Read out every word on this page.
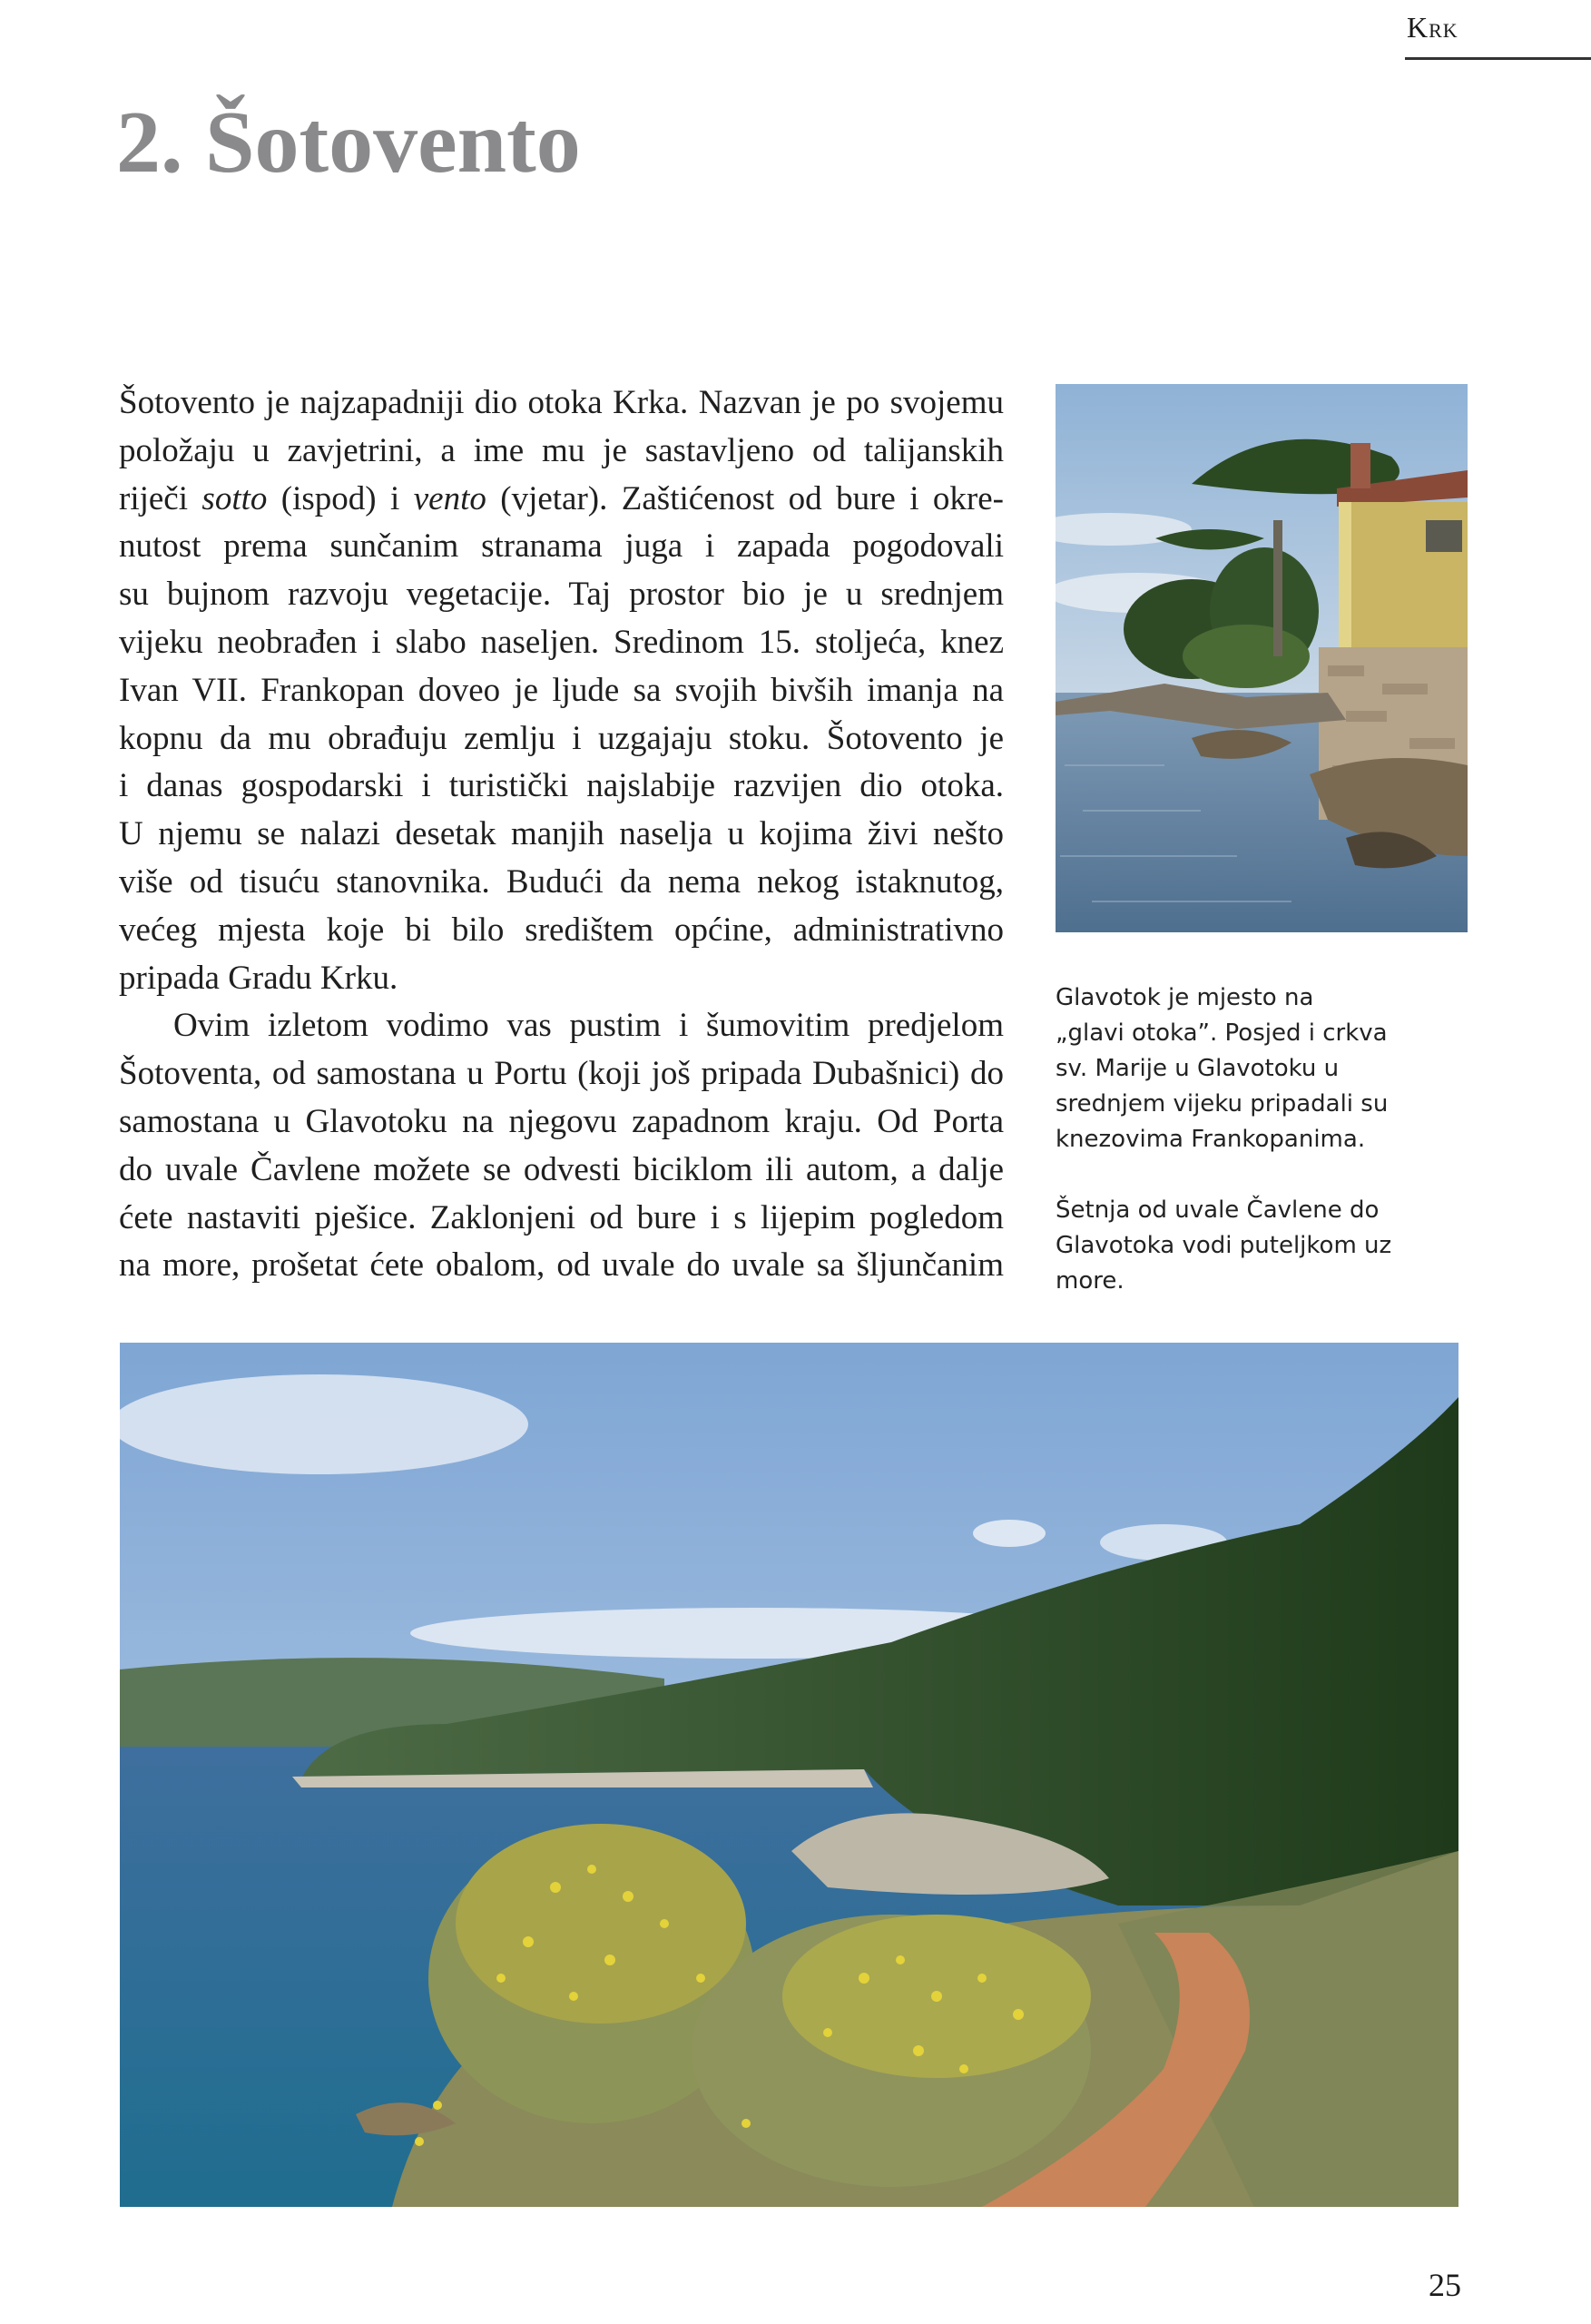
Krk
2. Šotovento
Šotovento je najzapadniji dio otoka Krka. Nazvan je po svojemu
položaju u zavjetrini, a ime mu je sastavljeno od talijanskih
riječi sotto (ispod) i vento (vjetar). Zaštićenost od bure i okre-
nutost prema sunčanim stranama juga i zapada pogodovali
su bujnom razvoju vegetacije. Taj prostor bio je u srednjem
vijeku neobrađen i slabo naseljen. Sredinom 15. stoljeća, knez
Ivan VII. Frankopan doveo je ljude sa svojih bivših imanja na
kopnu da mu obrađuju zemlju i uzgajaju stoku. Šotovento je
i danas gospodarski i turistički najslabije razvijen dio otoka.
U njemu se nalazi desetak manjih naselja u kojima živi nešto
više od tisuću stanovnika. Budući da nema nekog istaknutog,
većeg mjesta koje bi bilo središtem općine, administrativno
pripada Gradu Krku.
Ovim izletom vodimo vas pustim i šumovitim predjelom
Šotoventa, od samostana u Portu (koji još pripada Dubašnici) do
samostana u Glavotoku na njegovu zapadnom kraju. Od Porta
do uvale Čavlene možete se odvesti biciklom ili autom, a dalje
ćete nastaviti pješice. Zaklonjeni od bure i s lijepim pogledom
na more, prošetat ćete obalom, od uvale do uvale sa šljunčanim

Glavotok je mjesto na
„glavi otoka”. Posjed i crkva
sv. Marije u Glavotoku u
srednjem vijeku pripadali su
knezovima Frankopanima.

Šetnja od uvale Čavlene do
Glavotoka vodi puteljkom uz
more.

25
